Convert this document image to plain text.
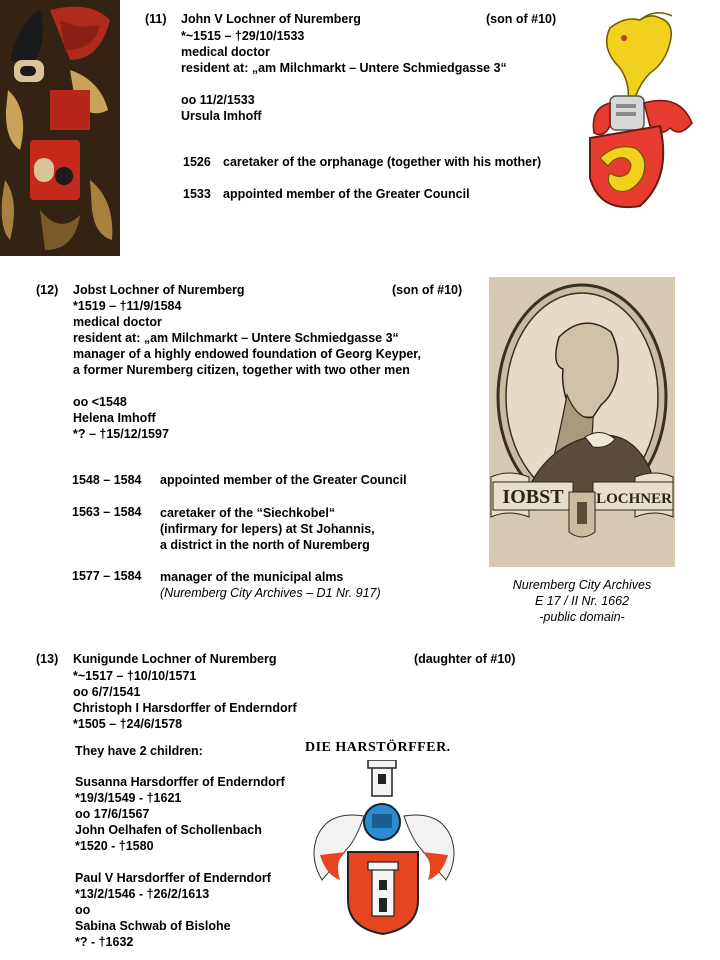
(11) John V Lochner of Nuremberg	(son of #10)
*~1515 – †29/10/1533
medical doctor
resident at: „am Milchmarkt – Untere Schmiedgasse 3“
oo 11/2/1533
Ursula Imhoff
1526 caretaker of the orphanage (together with his mother)
1533 appointed member of the Greater Council
(12) Jobst Lochner of Nuremberg	(son of #10)
*1519 – †11/9/1584
medical doctor
resident at: „am Milchmarkt – Untere Schmiedgasse 3“
manager of a highly endowed foundation of Georg Keyper,
a former Nuremberg citizen, together with two other men
oo <1548
Helena Imhoff
*? – †15/12/1597
1548 – 1584	appointed member of the Greater Council
1563 – 1584	caretaker of the “Siechkobel“
(infirmary for lepers) at St Johannis,
a district in the north of Nuremberg
1577 – 1584	manager of the municipal alms
(Nuremberg City Archives – D1 Nr. 917)
IOBST LOCHNER
Nuremberg City Archives
E 17 / II Nr. 1662
-public domain-
(13) Kunigunde Lochner of Nuremberg	(daughter of #10)
*~1517 – †10/10/1571
oo 6/7/1541
Christoph I Harsdorffer of Enderndorf
*1505 – †24/6/1578
They have 2 children:
Susanna Harsdorffer of Enderndorf
*19/3/1549 - †1621
oo 17/6/1567
John Oelhafen of Schollenbach
*1520 - †1580
Paul V Harsdorffer of Enderndorf
*13/2/1546 - †26/2/1613
oo
Sabina Schwab of Bislohe
*? - †1632
DIE HARSTÖRFFER.
